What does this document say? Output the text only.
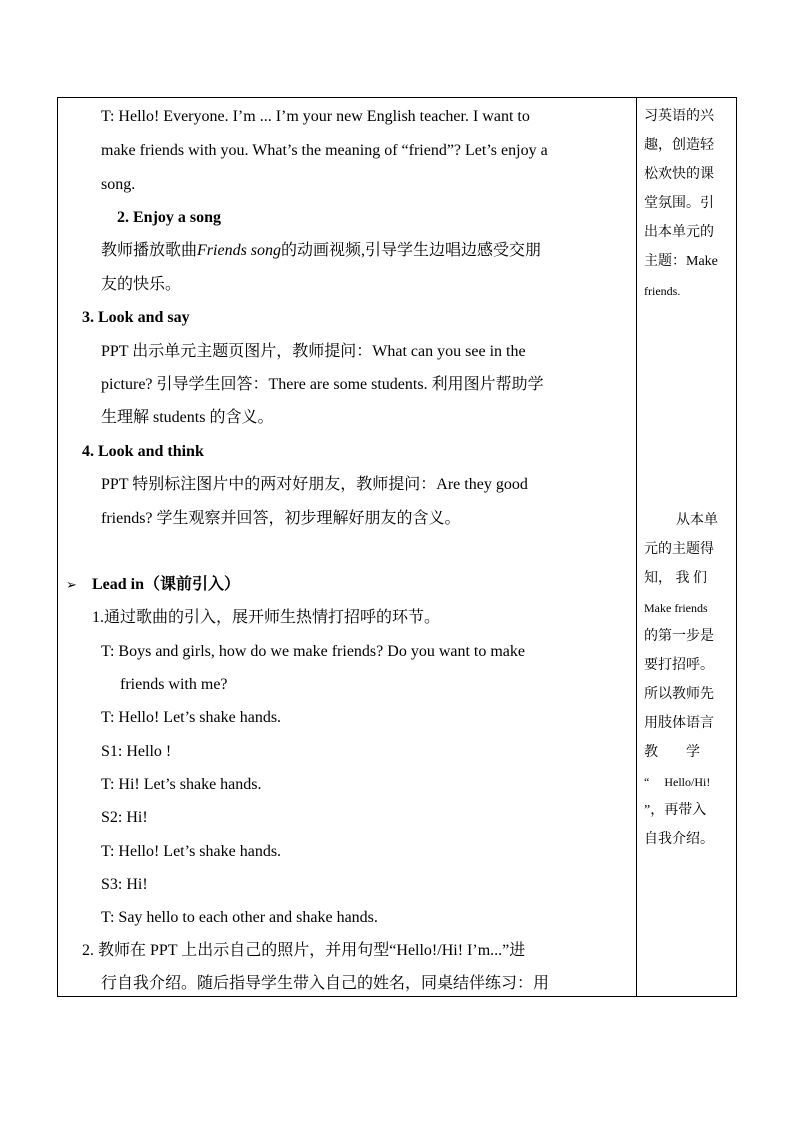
T: Hello! Everyone. I’m ... I’m your new English teacher. I want to
make friends with you. What’s the meaning of “friend”? Let’s enjoy a
song.
2. Enjoy a song
教师播放歌曲Friends song的动画视频,引导学生边唱边感受交朋
友的快乐。
3. Look and say
PPT 出示单元主题页图片，教师提问：What can you see in the
picture? 引导学生回答：There are some students. 利用图片帮助学
生理解 students 的含义。
4. Look and think
PPT 特别标注图片中的两对好朋友，教师提问：Are they good
friends? 学生观察并回答，初步理解好朋友的含义。
➢ Lead in（课前引入）
1.通过歌曲的引入，展开师生热情打招呼的环节。
T: Boys and girls, how do we make friends? Do you want to make
friends with me?
T: Hello! Let’s shake hands.
S1: Hello !
T: Hi! Let’s shake hands.
S2: Hi!
T: Hello! Let’s shake hands.
S3: Hi!
T: Say hello to each other and shake hands.
2. 教师在 PPT 上出示自己的照片，并用句型“Hello!/Hi! I’m...”进
行自我介绍。随后指导学生带入自己的姓名，同桌结伴练习：用
习英语的兴
趣，创造轻
松欢快的课
堂氛围。引
出本单元的
主题：Make
friends.
从本单
元的主题得
知， 我 们
Make friends
的第一步是
要打招呼。
所以教师先
用肢体语言
教        学
“     Hello/Hi!
”，再带入
自我介绍。
